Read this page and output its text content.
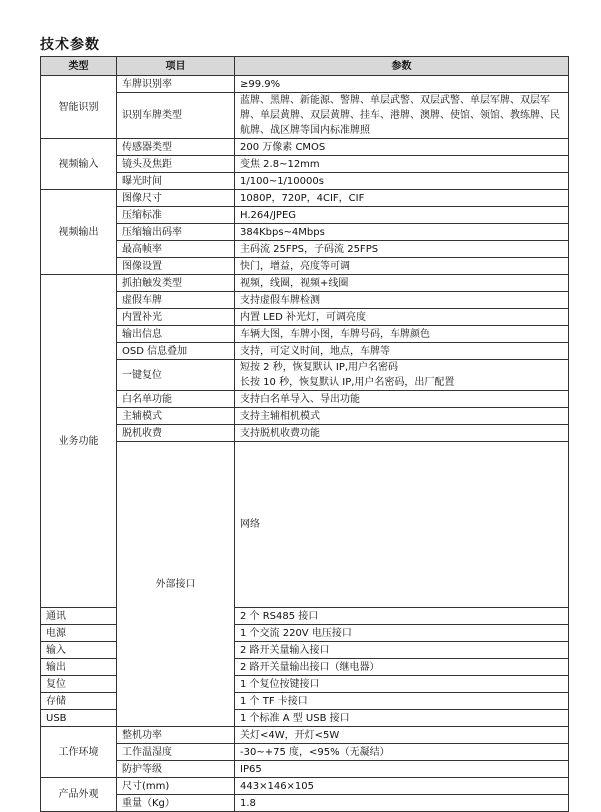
技术参数
类型	项目	参数	
智能识别	车牌识别率	≥99.9%	
	识别车牌类型	蓝牌、黑牌、新能源、警牌、单层武警、双层武警、单层军牌、双层军牌、单层黄牌、双层黄牌、挂车、港牌、澳牌、使馆、领馆、教练牌、民航牌、战区牌等国内标准牌照	
视频输入	传感器类型	200 万像素 CMOS	
	镜头及焦距	变焦 2.8~12mm	
	曝光时间	1/100~1/10000s	
视频输出	图像尺寸	1080P，720P，4CIF，CIF	
	压缩标准	H.264/JPEG	
	压缩输出码率	384Kbps~4Mbps	
	最高帧率	主码流 25FPS，子码流 25FPS	
	图像设置	快门，增益，亮度等可调	
业务功能	抓拍触发类型	视频，线圈，视频+线圈	
	虚假车牌	支持虚假车牌检测	
	内置补光	内置 LED 补光灯，可调亮度	
	输出信息	车辆大图，车牌小图，车牌号码，车牌颜色	
	OSD 信息叠加	支持，可定义时间，地点，车牌等	
	一键复位	短按 2 秒，恢复默认 IP,用户名密码
长按 10 秒，恢复默认 IP,用户名密码，出厂配置	
	白名单功能	支持白名单导入、导出功能	
	主辅模式	支持主辅相机模式	
	脱机收费	支持脱机收费功能	
	外部接口	网络	
通讯		2 个 RS485 接口	
电源		1 个交流 220V 电压接口	
输入		2 路开关量输入接口	
输出		2 路开关量输出接口（继电器）	
复位		1 个复位按键接口	
存储		1 个 TF 卡接口	
USB		1 个标准 A 型 USB 接口	
工作环境	整机功率	关灯<4W，开灯<5W	
	工作温湿度	-30~+75 度，<95%（无凝结）	
	防护等级	IP65	
产品外观	尺寸(mm)	443×146×105	
	重量（Kg）	1.8	
